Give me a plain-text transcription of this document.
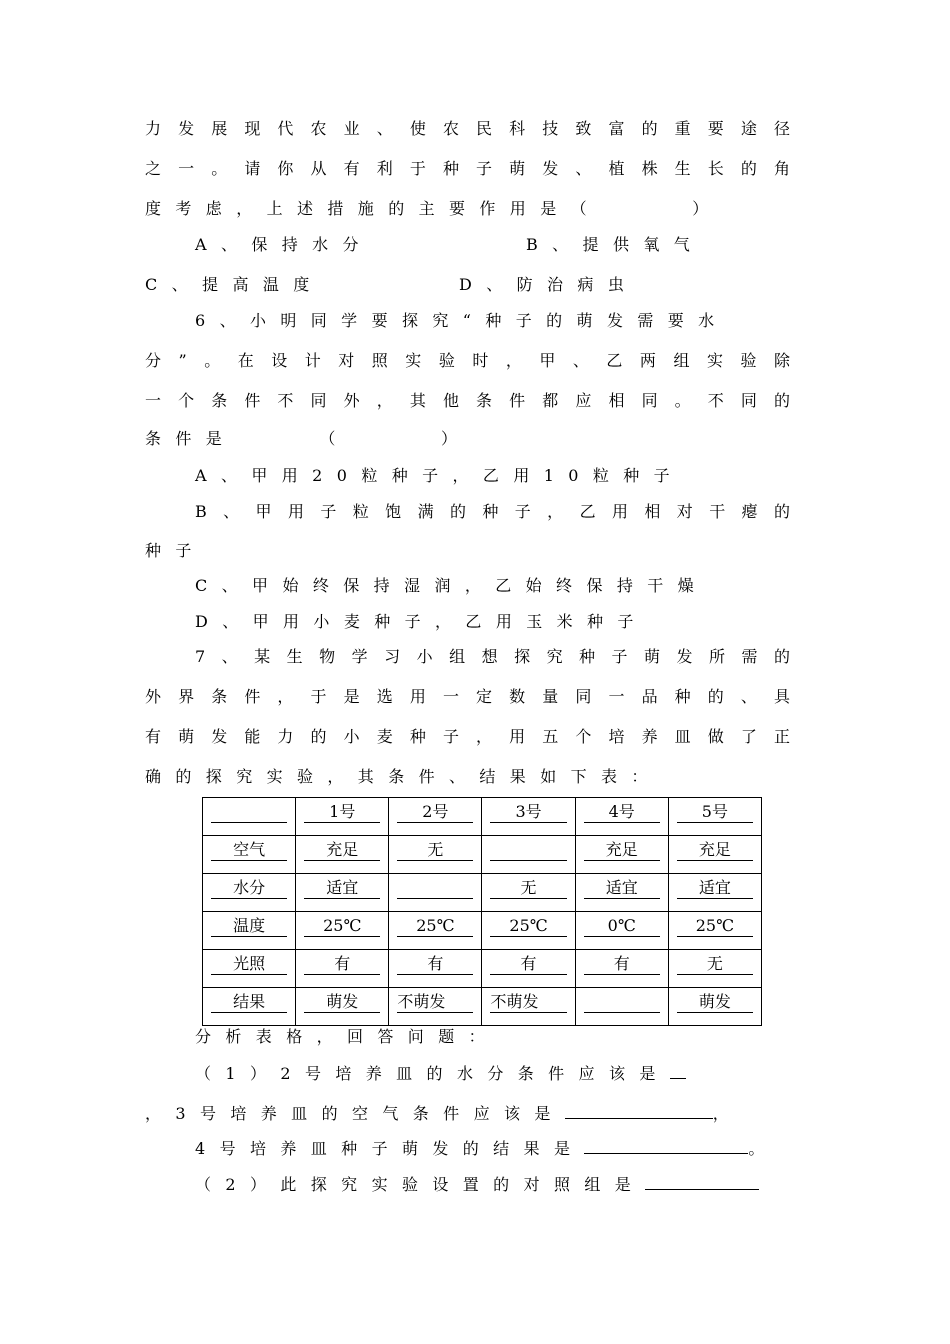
力发展现代农业、使农民科技致富的重要途径
之一。请你从有利于种子萌发、植株生长的角
度考虑，上述措施的主要作用是（　　　）
A、保持水分	B、提供氧气
C、提高温度	D、防治病虫
6、小明同学要探究“种子的萌发需要水
分”。在设计对照实验时，甲、乙两组实验除
一个条件不同外，其他条件都应相同。不同的
条件是　　　（　　　）
A、甲用20粒种子，乙用10粒种子
B、甲用子粒饱满的种子，乙用相对干瘪的
种子
C、甲始终保持湿润，乙始终保持干燥
D、甲用小麦种子，乙用玉米种子
7、某生物学习小组想探究种子萌发所需的
外界条件，于是选用一定数量同一品种的、具
有萌发能力的小麦种子，用五个培养皿做了正
确的探究实验，其条件、结果如下表：

	1号	2号	3号	4号	5号

空气	充足	无		充足	充足

水分	适宜		无	适宜	适宜

温度	25℃	25℃	25℃	0℃	25℃

光照	有	有	有	有	无

结果	萌发	不萌发	不萌发		萌发
分析表格，回答问题：
（1）2号培养皿的水分条件应该是
，3号培养皿的空气条件应该是	，
4号培养皿种子萌发的结果是	。
（2）此探究实验设置的对照组是
